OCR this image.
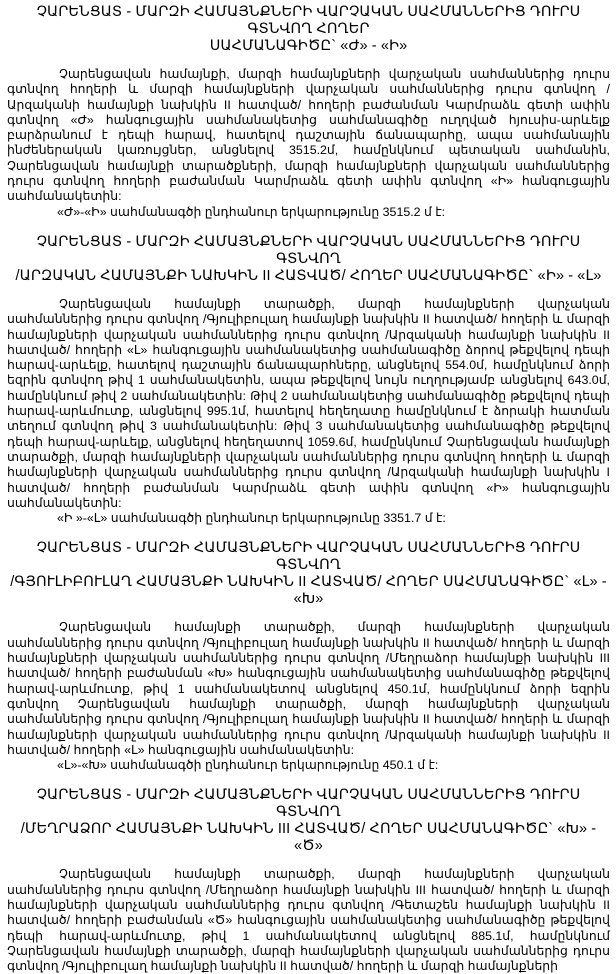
ՉԱՐԵՆՑԱՏ - ՄԱՐԶԻ ՀԱՄԱՅՆՔՆԵՐԻ ՎԱՐՉԱԿԱՆ ՍԱՀՄԱՆՆԵՐԻՑ ԴՈՒՐՍ ԳՏՆՎՈՂ ՀՈՂԵՐ
ՍԱՀՄԱՆԱԳԻԾԸ` «Ժ» - «Ի»

Չարենցավան համայնքի, մարզի համայնքների վարչական սահմաններից դուրս գտնվող հողերի և մարզի համայնքների վարչական սահմաններից դուրս գտնվող /Արզականի համայնքի նախկին II հատված/ հողերի բաժանման Կարմրաձև գետի ափին գտնվող «Ժ» հանգուցային սահմանակետից սահմանագիծը ուղղված հյուսիս-արևելք բարձրանում է դեպի հարավ, հատելով դաշտային ճանապարհը, ապա սահմանային ինժեներական կառույցներ, անցնելով 3515.2մ, համընկնում պետական սահմանին, Չարենցավան համայնքի տարածքների, մարզի համայնքների վարչական սահմաններից դուրս գտնվող հողերի բաժանման Կարմրաձև գետի ափին գտնվող «Ի» հանգուցային սահմանակետին:

«Ժ»-«Ի» սահմանագծի ընդհանուր երկարությունը 3515.2 մ է:

ՉԱՐԵՆՑԱՏ - ՄԱՐԶԻ ՀԱՄԱՅՆՔՆԵՐԻ ՎԱՐՉԱԿԱՆ ՍԱՀՄԱՆՆԵՐԻՑ ԴՈՒՐՍ ԳՏՆՎՈՂ
/ԱՐԶԱԿԱՆ ՀԱՄԱՅՆՔԻ ՆԱԽԿԻՆ II ՀԱՏՎԱԾ/ ՀՈՂԵՐ ՍԱՀՄԱՆԱԳԻԾԸ` «Ի» - «Լ»

Չարենցավան համայնքի տարածքի, մարզի համայնքների վարչական սահմաններից դուրս գտնվող /Գյուլիբուլաղ համայնքի նախկին II հատված/ հողերի և մարզի համայնքների վարչական սահմաններից դուրս գտնվող /Արզականի համայնքի նախկին II հատված/ հողերի «Լ» հանգուցային սահմանակետից սահմանագիծը ձորով թեքվելով դեպի հարավ-արևելք, հատելով դաշտային ճանապարհները, անցնելով 554.0մ, համընկնում ձորի եզրին գտնվող թիվ 1 սահմանակետին, ապա թեքվելով նույն ուղղությամբ անցնելով 643.0մ, համընկնում թիվ 2 սահմանակետին: Թիվ 2 սահմանակետից սահմանագիծը թեքվելով դեպի հարավ-արևմուտք, անցնելով 995.1մ, հատելով հեղեղատը համընկնում է ձորակի հատման տեղում գտնվող թիվ 3 սահմանակետին: Թիվ 3 սահմանակետից սահմանագիծը թեքվելով դեպի հարավ-արևելք, անցնելով հեղեղատով 1059.6մ, համընկնում Չարենցավան համայնքի տարածքի, մարզի համայնքների վարչական սահմաններից դուրս գտնվող հողերի և մարզի համայնքների վարչական սահմաններից դուրս գտնվող /Արզականի համայնքի նախկին I հատված/ հողերի բաժանման Կարմրաձև գետի ափին գտնվող «Ի» հանգուցային սահմանակետին:

«Ի »-«Լ» սահմանագծի ընդհանուր երկարությունը 3351.7 մ է:

ՉԱՐԵՆՑԱՏ - ՄԱՐԶԻ ՀԱՄԱՅՆՔՆԵՐԻ ՎԱՐՉԱԿԱՆ ՍԱՀՄԱՆՆԵՐԻՑ ԴՈՒՐՍ ԳՏՆՎՈՂ
/ԳՅՈՒԼԻԲՈՒԼԱՂ ՀԱՄԱՅՆՔԻ ՆԱԽԿԻՆ II ՀԱՏՎԱԾ/ ՀՈՂԵՐ ՍԱՀՄԱՆԱԳԻԾԸ` «Լ» - «Խ»

Չարենցավան համայնքի տարածքի, մարզի համայնքների վարչական սահմաններից դուրս գտնվող /Գյուլիբուլաղ համայնքի նախկին II հատված/ հողերի և մարզի համայնքների վարչական սահմաններից դուրս գտնվող /Մեղրաձոր համայնքի նախկին III հատված/ հողերի բաժանման «Խ» հանգուցային սահմանակետից սահմանագիծը թեքվելով հարավ-արևմուտք, թիվ 1 սահմանակետով անցնելով 450.1մ, համընկնում ձորի եզրին գտնվող Չարենցավան համայնքի տարածքի, մարզի համայնքների վարչական սահմաններից դուրս գտնվող /Գյուլիբուլաղ համայնքի նախկին II հատված/ հողերի և մարզի համայնքների վարչական սահմաններից դուրս գտնվող /Արզականի համայնքի նախկին II հատված/ հողերի «Լ» հանգուցային սահմանակետին:

«Լ»-«Խ» սահմանագծի ընդհանուր երկարությունը 450.1 մ է:

ՉԱՐԵՆՑԱՏ - ՄԱՐԶԻ ՀԱՄԱՅՆՔՆԵՐԻ ՎԱՐՉԱԿԱՆ ՍԱՀՄԱՆՆԵՐԻՑ ԴՈՒՐՍ ԳՏՆՎՈՂ
/ՄԵՂՐԱՁՈՐ ՀԱՄԱՅՆՔԻ ՆԱԽԿԻՆ III ՀԱՏՎԱԾ/ ՀՈՂԵՐ ՍԱՀՄԱՆԱԳԻԾԸ` «Խ» - «Ծ»

Չարենցավան համայնքի տարածքի, մարզի համայնքների վարչական սահմաններից դուրս գտնվող /Մեղրաձոր համայնքի նախկին III հատված/ հողերի և մարզի համայնքների վարչական սահմաններից դուրս գտնվող /Գետաշեն համայնքի նախկին II հատված/ հողերի բաժանման «Ծ» հանգուցային սահմանակետից սահմանագիծը թեքվելով դեպի հարավ-արևմուտք, թիվ 1 սահմանակետով անցնելով 885.1մ, համընկնում Չարենցավան համայնքի տարածքի, մարզի համայնքների վարչական սահմաններից դուրս գտնվող /Գյուլիբուլաղ համայնքի նախկին II հատված/ հողերի և մարզի համայնքների
